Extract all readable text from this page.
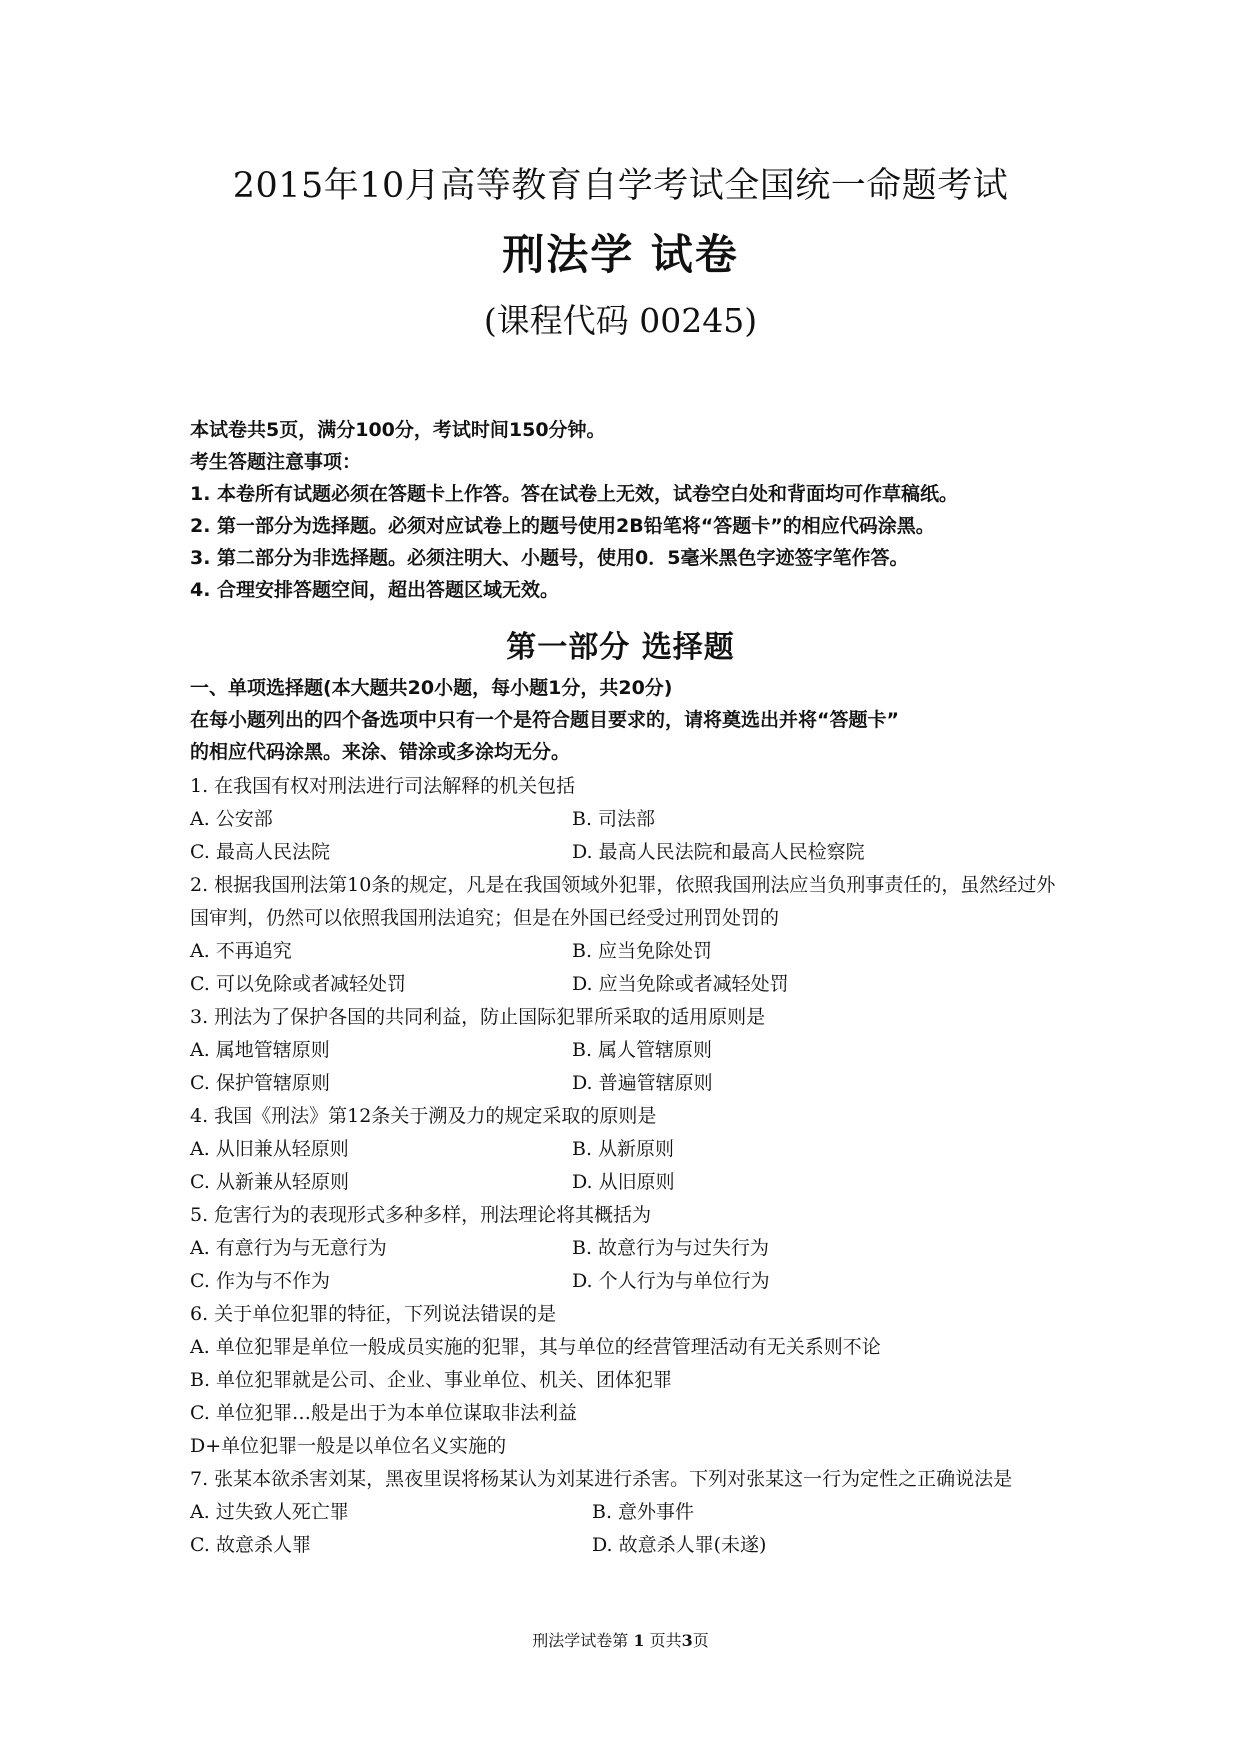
2015年10月高等教育自学考试全国统一命题考试
刑法学 试卷
(课程代码 00245)
本试卷共5页，满分100分，考试时间150分钟。
考生答题注意事项：
1. 本卷所有试题必须在答题卡上作答。答在试卷上无效，试卷空白处和背面均可作草稿纸。
2. 第一部分为选择题。必须对应试卷上的题号使用2B铅笔将“答题卡”的相应代码涂黑。
3. 第二部分为非选择题。必须注明大、小题号，使用0．5毫米黑色字迹签字笔作答。
4. 合理安排答题空间，超出答题区域无效。
第一部分 选择题
一、单项选择题(本大题共20小题，每小题1分，共20分)
在每小题列出的四个备选项中只有一个是符合题目要求的，请将奠选出并将“答题卡”
的相应代码涂黑。来涂、错涂或多涂均无分。
1. 在我国有权对刑法进行司法解释的机关包括
A. 公安部	B. 司法部
C. 最高人民法院	D. 最高人民法院和最高人民检察院
2. 根据我国刑法第10条的规定，凡是在我国领域外犯罪，依照我国刑法应当负刑事责任的，虽然经过外国审判，仍然可以依照我国刑法追究；但是在外国已经受过刑罚处罚的
A. 不再追究	B. 应当免除处罚
C. 可以免除或者减轻处罚	D. 应当免除或者减轻处罚
3. 刑法为了保护各国的共同利益，防止国际犯罪所采取的适用原则是
A. 属地管辖原则	B. 属人管辖原则
C. 保护管辖原则	D. 普遍管辖原则
4. 我国《刑法》第12条关于溯及力的规定采取的原则是
A. 从旧兼从轻原则	B. 从新原则
C. 从新兼从轻原则	D. 从旧原则
5. 危害行为的表现形式多种多样，刑法理论将其概括为
A. 有意行为与无意行为	B. 故意行为与过失行为
C. 作为与不作为	D. 个人行为与单位行为
6. 关于单位犯罪的特征，下列说法错误的是
A. 单位犯罪是单位一般成员实施的犯罪，其与单位的经营管理活动有无关系则不论
B. 单位犯罪就是公司、企业、事业单位、机关、团体犯罪
C. 单位犯罪…般是出于为本单位谋取非法利益
D+单位犯罪一般是以单位名义实施的
7. 张某本欲杀害刘某，黑夜里误将杨某认为刘某进行杀害。下列对张某这一行为定性之正确说法是
A. 过失致人死亡罪	B. 意外事件
C. 故意杀人罪	D. 故意杀人罪(未遂)
刑法学试卷第 1 页共3页
